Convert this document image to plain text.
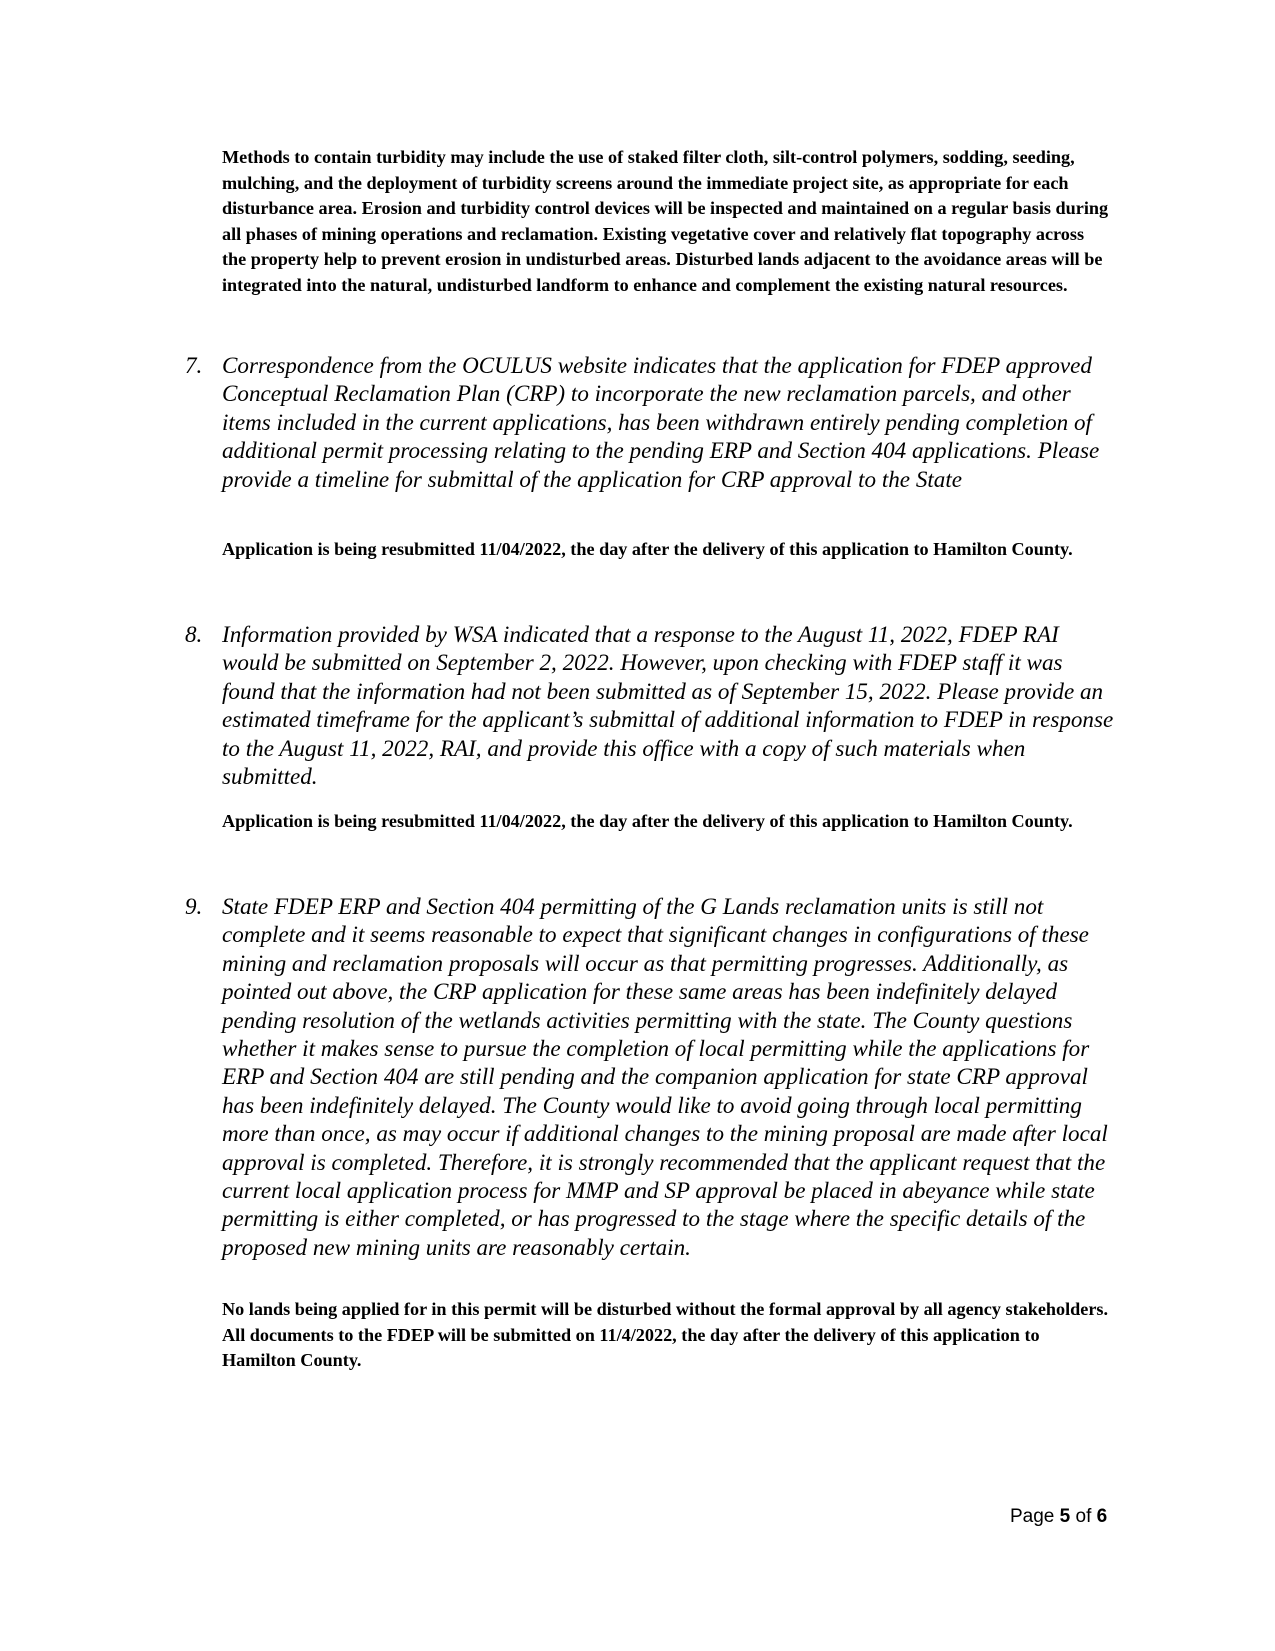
Methods to contain turbidity may include the use of staked filter cloth, silt-control polymers, sodding, seeding, mulching, and the deployment of turbidity screens around the immediate project site, as appropriate for each disturbance area. Erosion and turbidity control devices will be inspected and maintained on a regular basis during all phases of mining operations and reclamation. Existing vegetative cover and relatively flat topography across the property help to prevent erosion in undisturbed areas. Disturbed lands adjacent to the avoidance areas will be integrated into the natural, undisturbed landform to enhance and complement the existing natural resources.

7. Correspondence from the OCULUS website indicates that the application for FDEP approved Conceptual Reclamation Plan (CRP) to incorporate the new reclamation parcels, and other items included in the current applications, has been withdrawn entirely pending completion of additional permit processing relating to the pending ERP and Section 404 applications. Please provide a timeline for submittal of the application for CRP approval to the State

Application is being resubmitted 11/04/2022, the day after the delivery of this application to Hamilton County.

8. Information provided by WSA indicated that a response to the August 11, 2022, FDEP RAI would be submitted on September 2, 2022. However, upon checking with FDEP staff it was found that the information had not been submitted as of September 15, 2022. Please provide an estimated timeframe for the applicant’s submittal of additional information to FDEP in response to the August 11, 2022, RAI, and provide this office with a copy of such materials when submitted.

Application is being resubmitted 11/04/2022, the day after the delivery of this application to Hamilton County.

9. State FDEP ERP and Section 404 permitting of the G Lands reclamation units is still not complete and it seems reasonable to expect that significant changes in configurations of these mining and reclamation proposals will occur as that permitting progresses. Additionally, as pointed out above, the CRP application for these same areas has been indefinitely delayed pending resolution of the wetlands activities permitting with the state. The County questions whether it makes sense to pursue the completion of local permitting while the applications for ERP and Section 404 are still pending and the companion application for state CRP approval has been indefinitely delayed. The County would like to avoid going through local permitting more than once, as may occur if additional changes to the mining proposal are made after local approval is completed. Therefore, it is strongly recommended that the applicant request that the current local application process for MMP and SP approval be placed in abeyance while state permitting is either completed, or has progressed to the stage where the specific details of the proposed new mining units are reasonably certain.

No lands being applied for in this permit will be disturbed without the formal approval by all agency stakeholders. All documents to the FDEP will be submitted on 11/4/2022, the day after the delivery of this application to Hamilton County.

Page 5 of 6
